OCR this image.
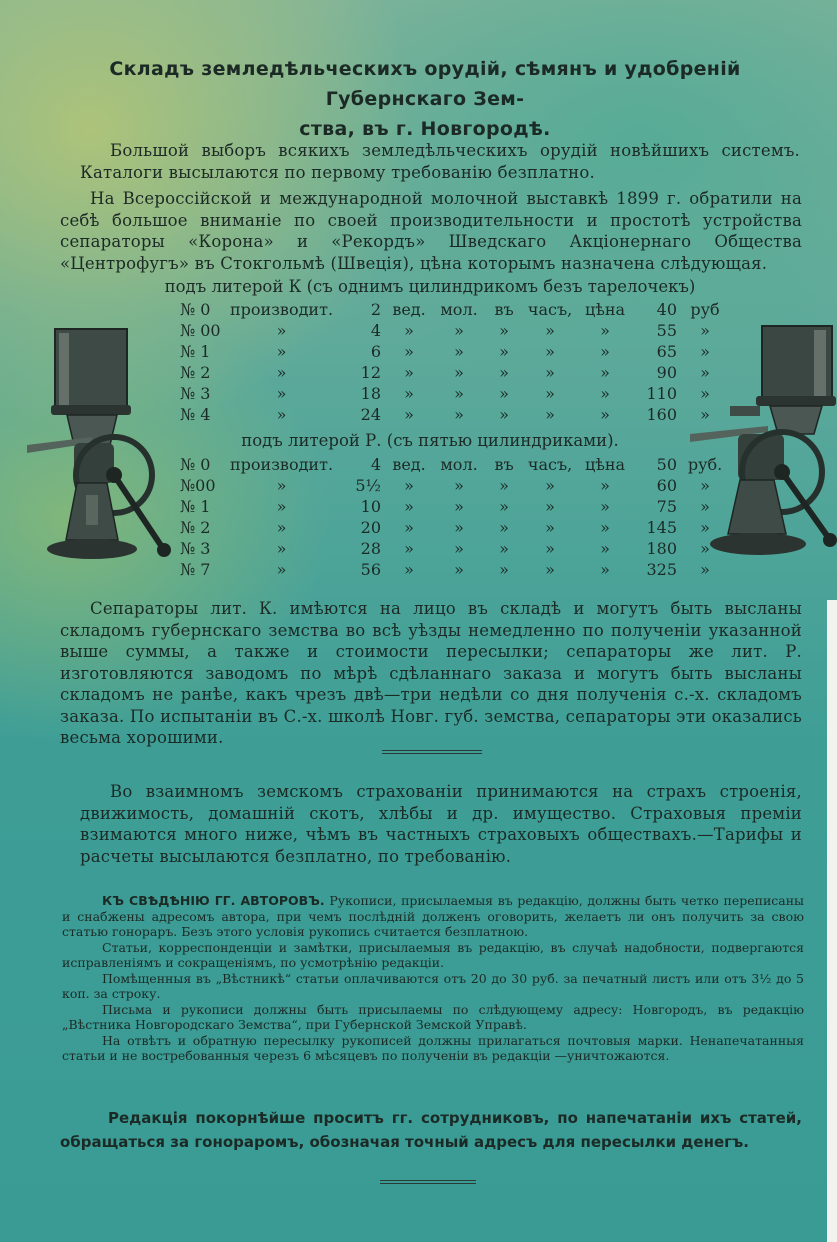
Складъ земледѣльческихъ орудій, сѣмянъ и удобреній Губернскаго Зем-
ства, въ г. Новгородѣ.
Большой выборъ всякихъ земледѣльческихъ орудій новѣйшихъ системъ. Каталоги высылаются по первому требованію безплатно.
На Всероссійской и международной молочной выставкѣ 1899 г. обратили на себѣ большое вниманіе по своей производительности и простотѣ устройства сепараторы «Корона» и «Рекордъ» Шведскаго Акціонернаго Общества «Центрофугъ» въ Стокгольмѣ (Швеція), цѣна которымъ назначена слѣдующая.
подъ литерой К (съ однимъ цилиндрикомъ безъ тарелочекъ)
№ 0	производит.	2	вед.	мол.	въ	часъ,	цѣна	40	руб
№ 00	»	4	»	»	»	»	»	55	»
№ 1	»	6	»	»	»	»	»	65	»
№ 2	»	12	»	»	»	»	»	90	»
№ 3	»	18	»	»	»	»	»	110	»
№ 4	»	24	»	»	»	»	»	160	»
подъ литерой Р. (съ пятью цилиндриками).
№ 0	производит.	4	вед.	мол.	въ	часъ,	цѣна	50	руб.
№00	»	5½	»	»	»	»	»	60	»
№ 1	»	10	»	»	»	»	»	75	»
№ 2	»	20	»	»	»	»	»	145	»
№ 3	»	28	»	»	»	»	»	180	»
№ 7	»	56	»	»	»	»	»	325	»
Сепараторы лит. К. имѣются на лицо въ складѣ и могутъ быть высланы складомъ губернскаго земства во всѣ уѣзды немедленно по полученіи указанной выше суммы, а также и стоимости пересылки; сепараторы же лит. Р. изготовляются заводомъ по мѣрѣ сдѣланнаго заказа и могутъ быть высланы складомъ не ранѣе, какъ чрезъ двѣ—три недѣли со дня полученія с.-х. складомъ заказа. По испытаніи въ С.-х. школѣ Новг. губ. земства, сепараторы эти оказались весьма хорошими.
Во взаимномъ земскомъ страхованіи принимаются на страхъ строенія, движимость, домашній скотъ, хлѣбы и др. имущество. Страховыя преміи взимаются много ниже, чѣмъ въ частныхъ страховыхъ обществахъ.—Тарифы и расчеты высылаются безплатно, по требованію.
КЪ СВѢДѢНІЮ ГГ. АВТОРОВЪ. Рукописи, присылаемыя въ редакцію, должны быть четко переписаны и снабжены адресомъ автора, при чемъ послѣдній долженъ оговорить, желаетъ ли онъ получить за свою статью гонораръ. Безъ этого условія рукопись считается безплатною.
Статьи, корреспонденціи и замѣтки, присылаемыя въ редакцію, въ случаѣ надобности, подвергаются исправленіямъ и сокращеніямъ, по усмотрѣнію редакціи.
Помѣщенныя въ „Вѣстникѣ“ статьи оплачиваются отъ 20 до 30 руб. за печатный листъ или отъ 3½ до 5 коп. за строку.
Письма и рукописи должны быть присылаемы по слѣдующему адресу: Новгородъ, въ редакцію „Вѣстника Новгородскаго Земства“, при Губернской Земской Управѣ.
На отвѣтъ и обратную пересылку рукописей должны прилагаться почтовыя марки. Ненапечатанныя статьи и не востребованныя черезъ 6 мѣсяцевъ по полученіи въ редакціи —уничтожаются.
Редакція покорнѣйше проситъ гг. сотрудниковъ, по напечатаніи ихъ статей, обращаться за гонораромъ, обозначая точный адресъ для пересылки денегъ.
